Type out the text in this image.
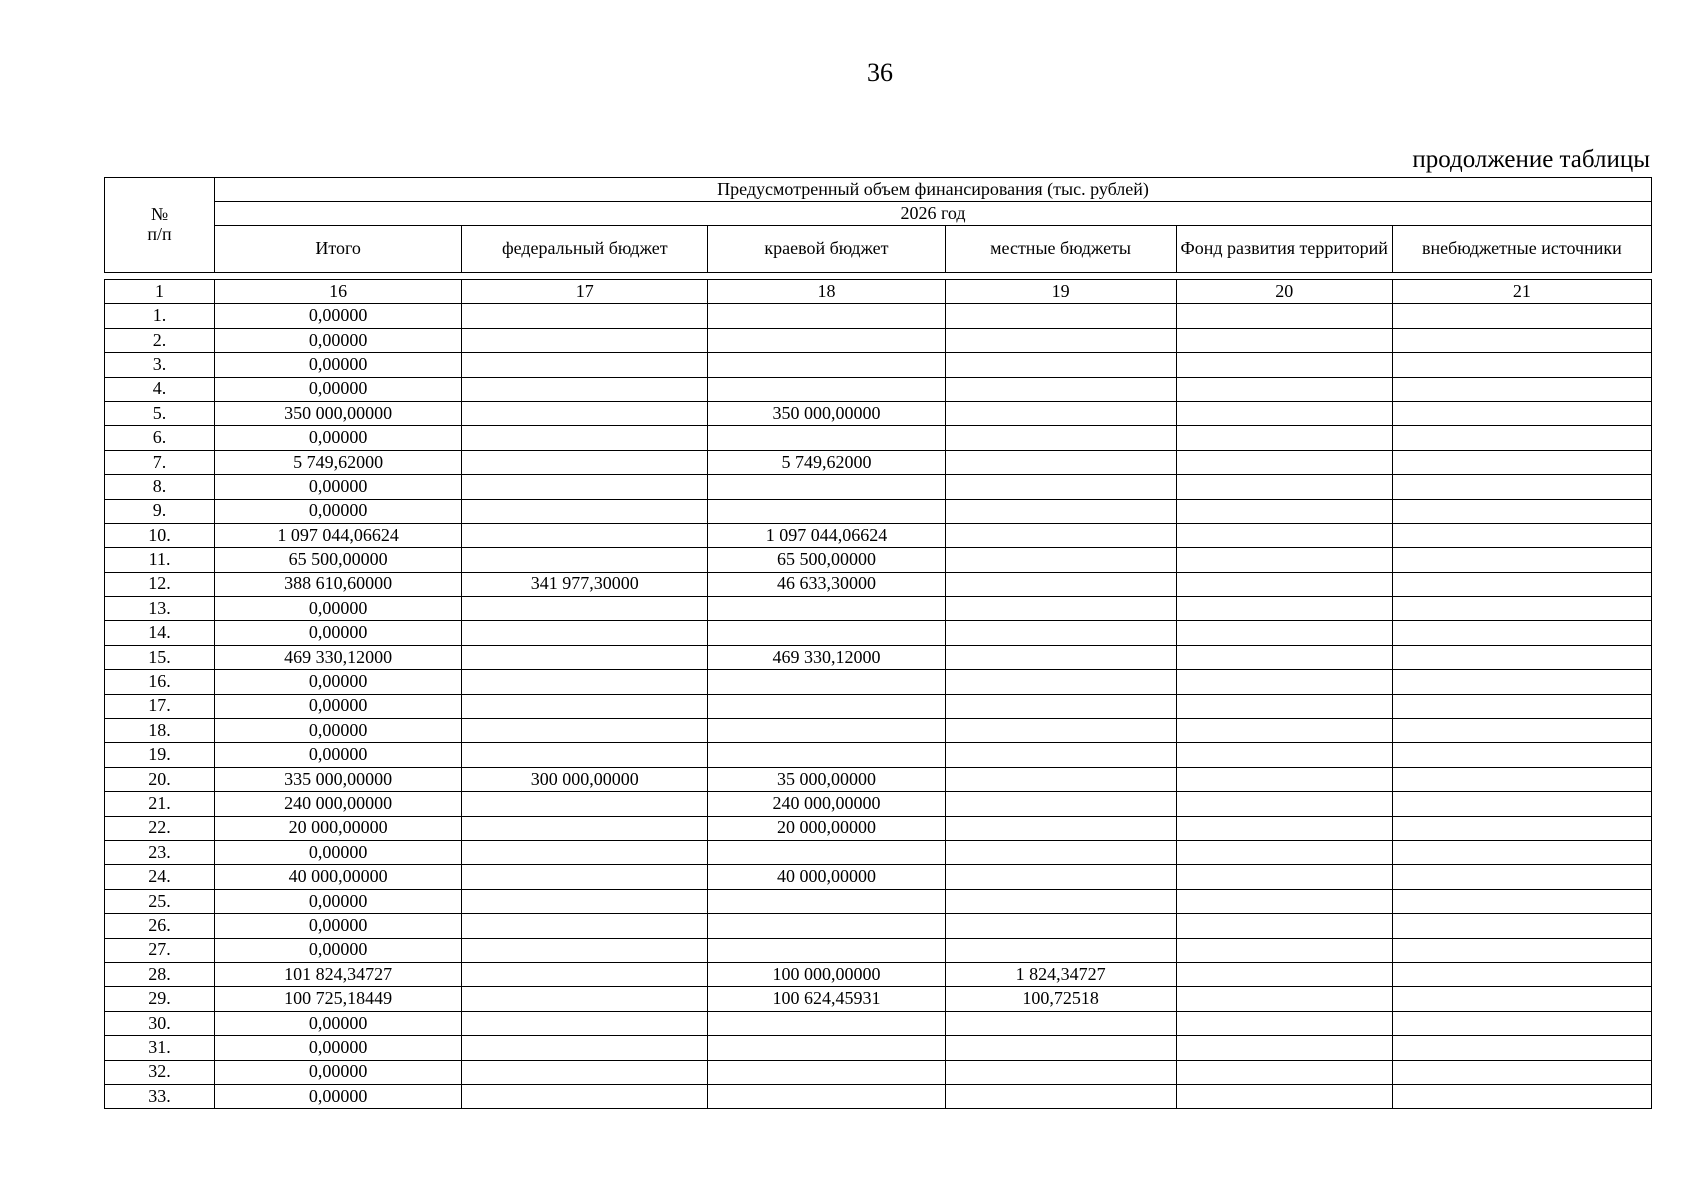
36
продолжение таблицы
№
п/п	Предусмотренный объем финансирования (тыс. рублей)					
	2026 год					
	Итого	федеральный бюджет	краевой бюджет	местные бюджеты	Фонд развития территорий	внебюджетные источники
1	16	17	18	19	20	21
1.	0,00000					
2.	0,00000					
3.	0,00000					
4.	0,00000					
5.	350 000,00000		350 000,00000			
6.	0,00000					
7.	5 749,62000		5 749,62000			
8.	0,00000					
9.	0,00000					
10.	1 097 044,06624		1 097 044,06624			
11.	65 500,00000		65 500,00000			
12.	388 610,60000	341 977,30000	46 633,30000			
13.	0,00000					
14.	0,00000					
15.	469 330,12000		469 330,12000			
16.	0,00000					
17.	0,00000					
18.	0,00000					
19.	0,00000					
20.	335 000,00000	300 000,00000	35 000,00000			
21.	240 000,00000		240 000,00000			
22.	20 000,00000		20 000,00000			
23.	0,00000					
24.	40 000,00000		40 000,00000			
25.	0,00000					
26.	0,00000					
27.	0,00000					
28.	101 824,34727		100 000,00000	1 824,34727		
29.	100 725,18449		100 624,45931	100,72518		
30.	0,00000					
31.	0,00000					
32.	0,00000					
33.	0,00000					
